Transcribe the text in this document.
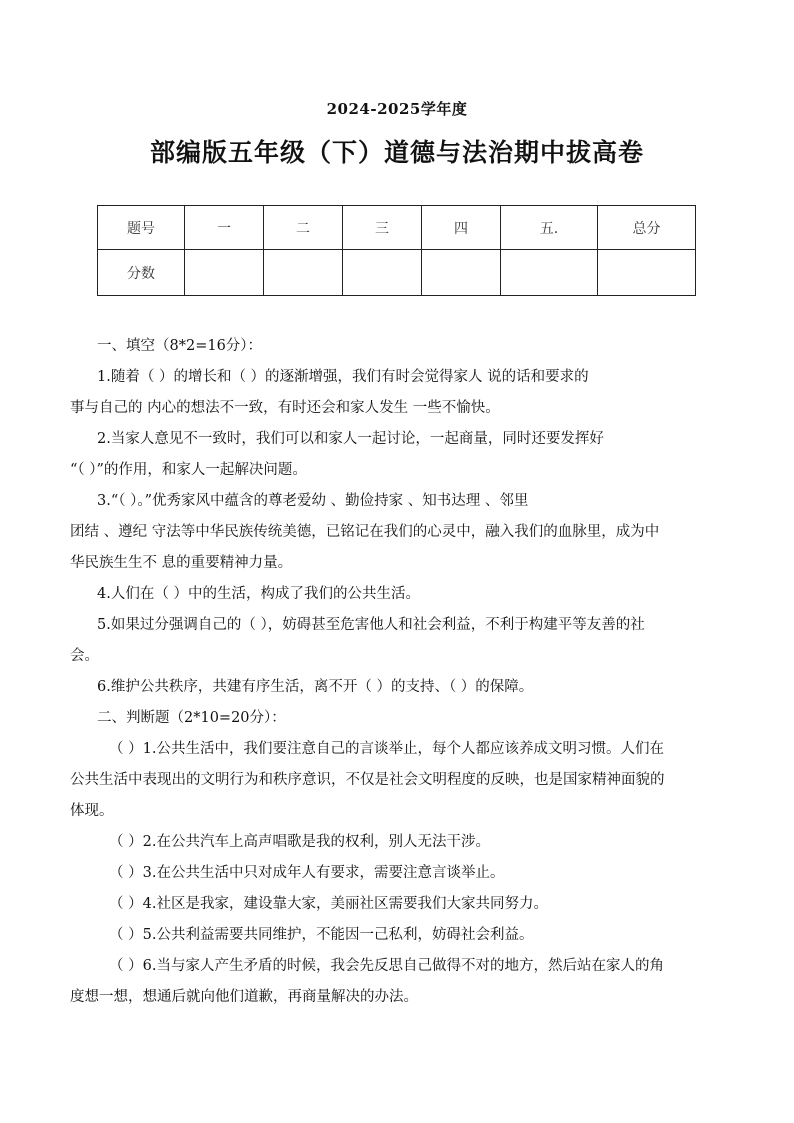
2024-2025学年度
部编版五年级（下）道德与法治期中拔高卷
题号	一	二	三	四	五.	总分
分数						
一、填空（8*2=16分）：
1.随着（ ）的增长和（ ）的逐渐增强，我们有时会觉得家人 说的话和要求的
事与自己的 内心的想法不一致，有时还会和家人发生 一些不愉快。
2.当家人意见不一致时，我们可以和家人一起讨论，一起商量，同时还要发挥好
“（ ）”的作用，和家人一起解决问题。
3.“（ ）。”优秀家风中蕴含的尊老爱幼 、勤俭持家 、知书达理 、邻里
团结 、遵纪 守法等中华民族传统美德，已铭记在我们的心灵中，融入我们的血脉里，成为中
华民族生生不 息的重要精神力量。
4.人们在（ ）中的生活，构成了我们的公共生活。
5.如果过分强调自己的（ ），妨碍甚至危害他人和社会利益，不利于构建平等友善的社
会。
6.维护公共秩序，共建有序生活，离不开（ ）的支持、（ ）的保障。
二、判断题（2*10=20分）：
（ ）1.公共生活中，我们要注意自己的言谈举止，每个人都应该养成文明习惯。人们在
公共生活中表现出的文明行为和秩序意识，不仅是社会文明程度的反映，也是国家精神面貌的
体现。
（ ）2.在公共汽车上高声唱歌是我的权利，别人无法干涉。
（ ）3.在公共生活中只对成年人有要求，需要注意言谈举止。
（ ）4.社区是我家，建设靠大家，美丽社区需要我们大家共同努力。
（ ）5.公共利益需要共同维护，不能因一己私利，妨碍社会利益。
（ ）6.当与家人产生矛盾的时候，我会先反思自己做得不对的地方，然后站在家人的角
度想一想，想通后就向他们道歉，再商量解决的办法。
